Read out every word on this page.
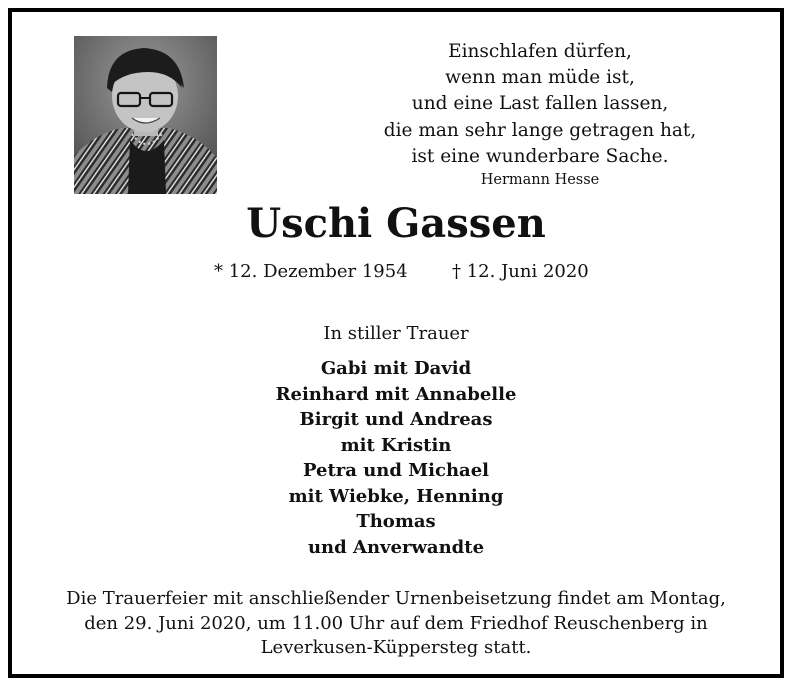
Einschlafen dürfen,
wenn man müde ist,
und eine Last fallen lassen,
die man sehr lange getragen hat,
ist eine wunderbare Sache.
Hermann Hesse
Uschi Gassen
* 12. Dezember 1954 † 12. Juni 2020
In stiller Trauer
Gabi mit David
Reinhard mit Annabelle
Birgit und Andreas
mit Kristin
Petra und Michael
mit Wiebke, Henning
Thomas
und Anverwandte
Die Trauerfeier mit anschließender Urnenbeisetzung findet am Montag,
den 29. Juni 2020, um 11.00 Uhr auf dem Friedhof Reuschenberg in
Leverkusen-Küppersteg statt.
